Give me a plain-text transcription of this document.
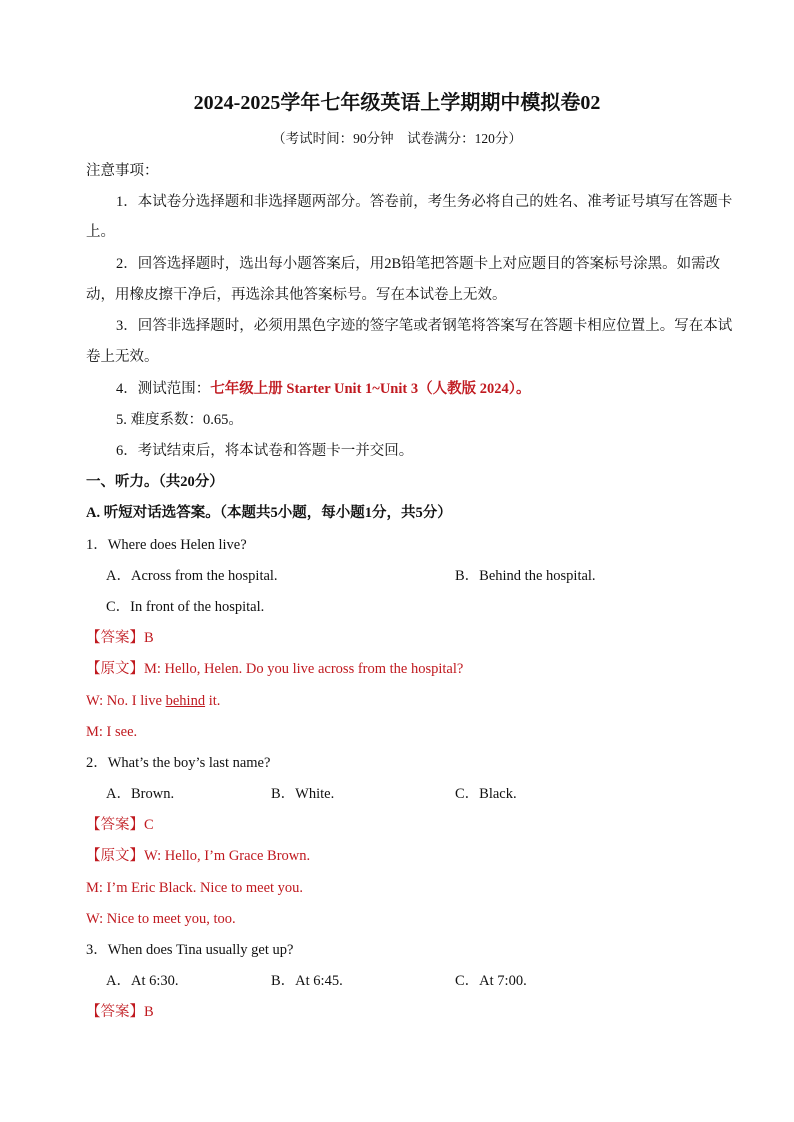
2024-2025学年七年级英语上学期期中模拟卷02
（考试时间：90分钟　试卷满分：120分）
注意事项：
1．本试卷分选择题和非选择题两部分。答卷前，考生务必将自己的姓名、准考证号填写在答题卡
上。
2．回答选择题时，选出每小题答案后，用2B铅笔把答题卡上对应题目的答案标号涂黑。如需改
动，用橡皮擦干净后，再选涂其他答案标号。写在本试卷上无效。
3．回答非选择题时，必须用黑色字迹的签字笔或者钢笔将答案写在答题卡相应位置上。写在本试
卷上无效。
4．测试范围：七年级上册 Starter Unit 1~Unit 3（人教版 2024）。
5. 难度系数：0.65。
6．考试结束后，将本试卷和答题卡一并交回。
一、听力。（共20分）
A. 听短对话选答案。（本题共5小题，每小题1分，共5分）
1．Where does Helen live?
A．Across from the hospital.	B．Behind the hospital.
C．In front of the hospital.
【答案】B
【原文】M: Hello, Helen. Do you live across from the hospital?
W: No. I live behind it.
M: I see.
2．What’s the boy’s last name?
A．Brown.	B．White.	C．Black.
【答案】C
【原文】W: Hello, I’m Grace Brown.
M: I’m Eric Black. Nice to meet you.
W: Nice to meet you, too.
3．When does Tina usually get up?
A．At 6:30.	B．At 6:45.	C．At 7:00.
【答案】B
